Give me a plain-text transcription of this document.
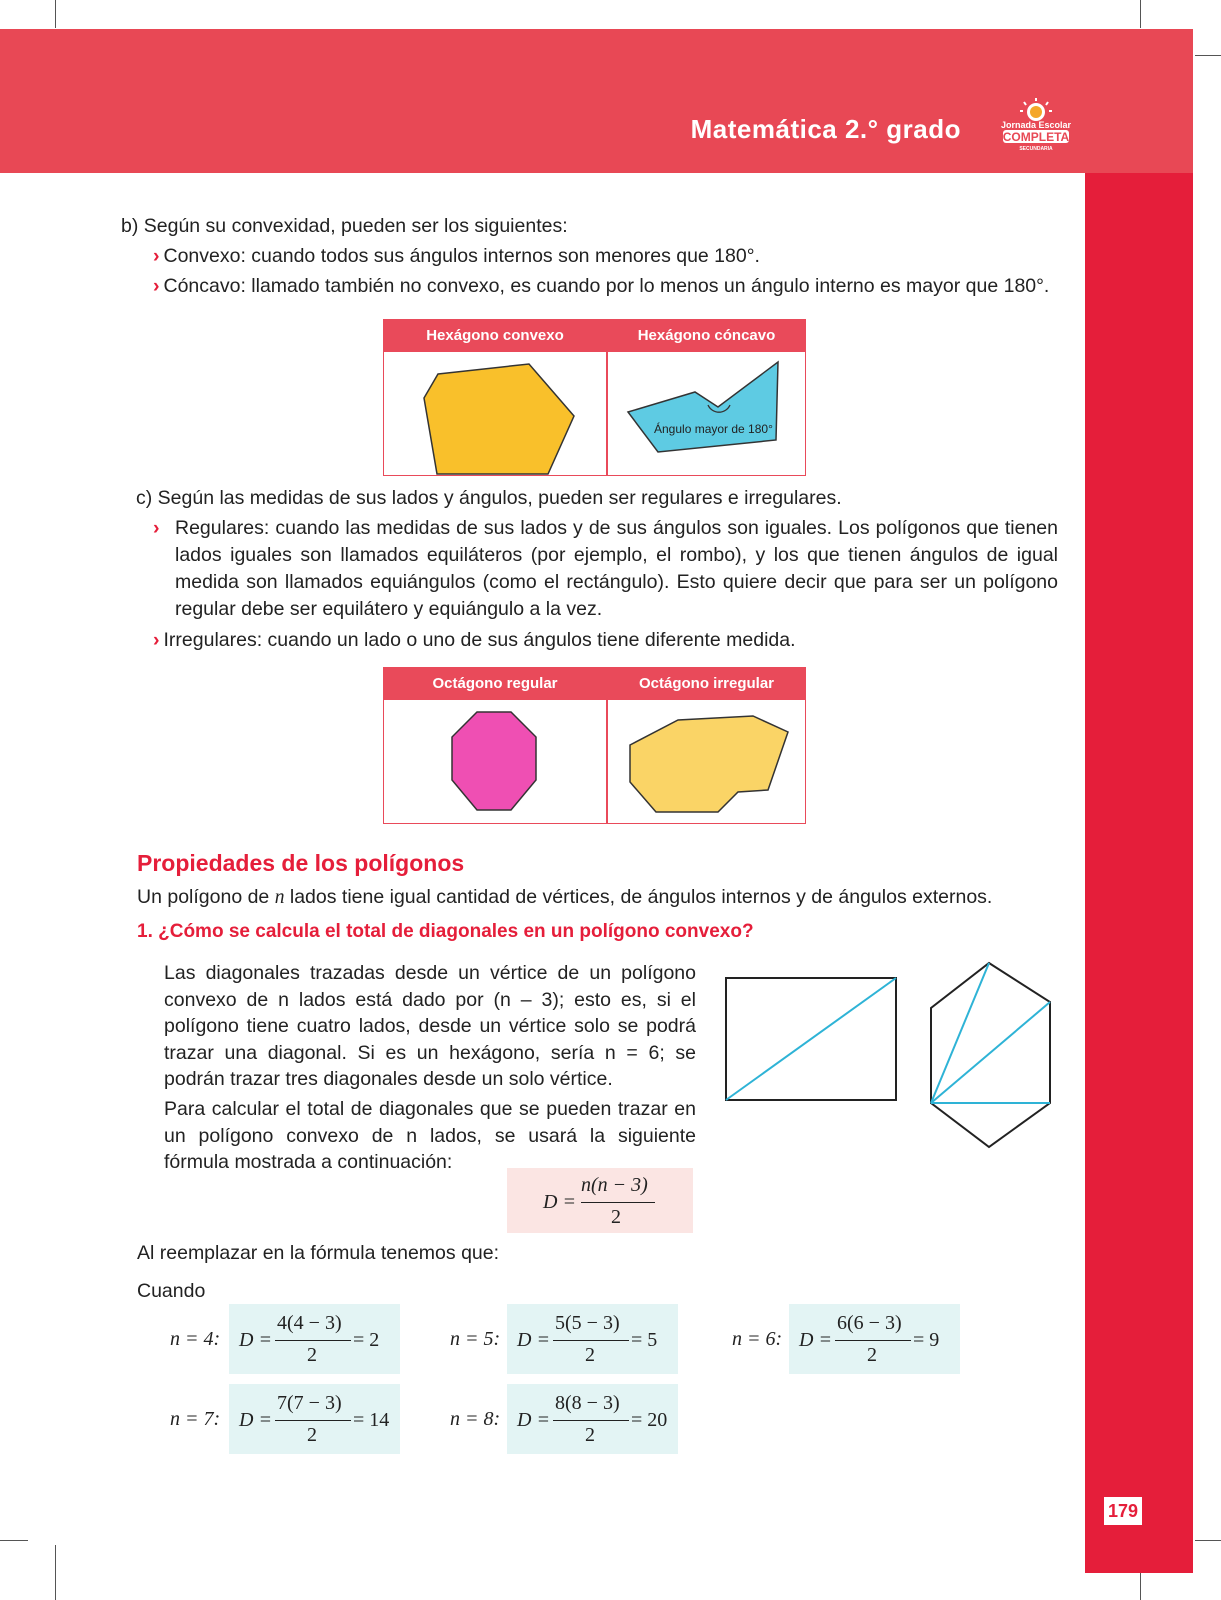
Matemática 2.° grado	Jornada Escolar
COMPLETA
SECUNDARIA
179
b) Según su convexidad, pueden ser los siguientes:
› Convexo: cuando todos sus ángulos internos son menores que 180°.
› Cóncavo: llamado también no convexo, es cuando por lo menos un ángulo interno es mayor que 180°.
Hexágono convexo	Hexágono cóncavo
Ángulo mayor de 180°
c) Según las medidas de sus lados y ángulos, pueden ser regulares e irregulares.
› Regulares: cuando las medidas de sus lados y de sus ángulos son iguales. Los polígonos que tienen lados iguales son llamados equiláteros (por ejemplo, el rombo), y los que tienen ángulos de igual medida son llamados equiángulos (como el rectángulo). Esto quiere decir que para ser un polígono regular debe ser equilátero y equiángulo a la vez.
› Irregulares: cuando un lado o uno de sus ángulos tiene diferente medida.
Octágono regular	Octágono irregular
Propiedades de los polígonos
Un polígono de n lados tiene igual cantidad de vértices, de ángulos internos y de ángulos externos.
1. ¿Cómo se calcula el total de diagonales en un polígono convexo?
Las diagonales trazadas desde un vértice de un polígono convexo de n lados está dado por (n – 3); esto es, si el polígono tiene cuatro lados, desde un vértice solo se podrá trazar una diagonal. Si es un hexágono, sería n = 6; se podrán trazar tres diagonales desde un solo vértice.
Para calcular el total de diagonales que se pueden trazar en un polígono convexo de n lados, se usará la siguiente fórmula mostrada a continuación:
D =
n(n − 3)
2
Al reemplazar en la fórmula tenemos que:
Cuando
n = 4: D =
4(4 − 3)
2
= 2	n = 5: D =
5(5 − 3)
2
= 5	n = 6: D =
6(6 − 3)
2
= 9
n = 7: D =
7(7 − 3)
2
= 14	n = 8: D =
8(8 − 3)
2
= 20
